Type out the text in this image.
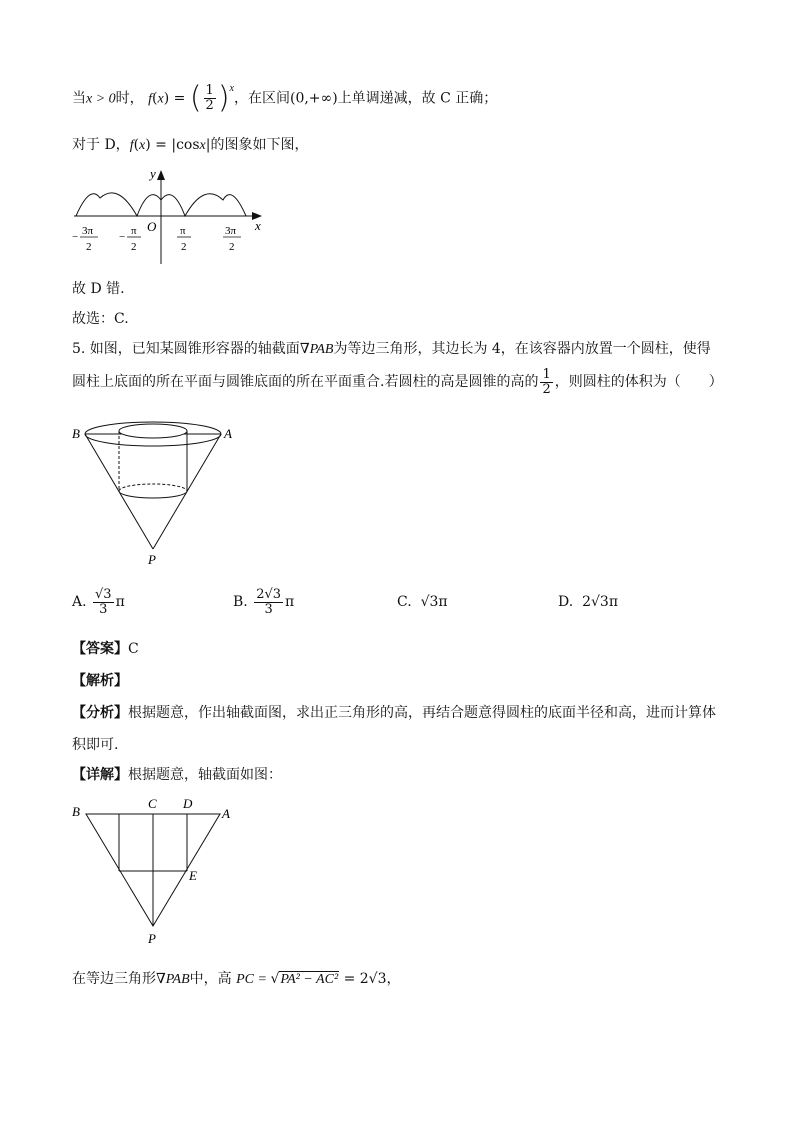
当x > 0时， f(x) = ( $\frac{1}{2} )^x$，在区间(0,+∞)上单调递减，故 C 正确；
对于 D，f(x) = |cosx|的图象如下图，
y
x
O
− 3π
2
− π
2
π
2
3π
2
故 D 错.
故选：C.
5. 如图，已知某圆锥形容器的轴截面∇PAB为等边三角形，其边长为 4，在该容器内放置一个圆柱，使得
圆柱上底面的所在平面与圆锥底面的所在平面重合.若圆柱的高是圆锥的高的 $\frac{1}{2}$ ，则圆柱的体积为（　　）
B	A
P
A. $\frac{√3}{3}$ π	B. $\frac{2√3}{3}$ π	C. √3π	D. 2√3π
【答案】C
【解析】
【分析】根据题意，作出轴截面图，求出正三角形的高，再结合题意得圆柱的底面半径和高，进而计算体
积即可.
【详解】根据题意，轴截面如图：
B
C D
A
E
P
在等边三角形∇PAB中，高 PC = √PA² − AC² = 2√3，
